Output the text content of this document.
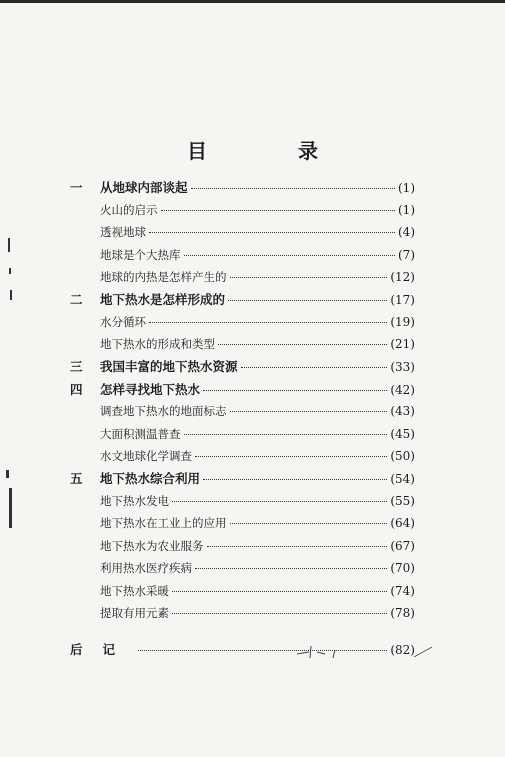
目 录
一	从地球内部谈起	(1)
火山的启示	(1)
透视地球	(4)
地球是个大热库	(7)
地球的内热是怎样产生的	(12)
二	地下热水是怎样形成的	(17)
水分循环	(19)
地下热水的形成和类型	(21)
三	我国丰富的地下热水资源	(33)
四	怎样寻找地下热水	(42)
调查地下热水的地面标志	(43)
大面积测温普查	(45)
水文地球化学调查	(50)
五	地下热水综合利用	(54)
地下热水发电	(55)
地下热水在工业上的应用	(64)
地下热水为农业服务	(67)
利用热水医疗疾病	(70)
地下热水采暖	(74)
提取有用元素	(78)
后记	(82)
